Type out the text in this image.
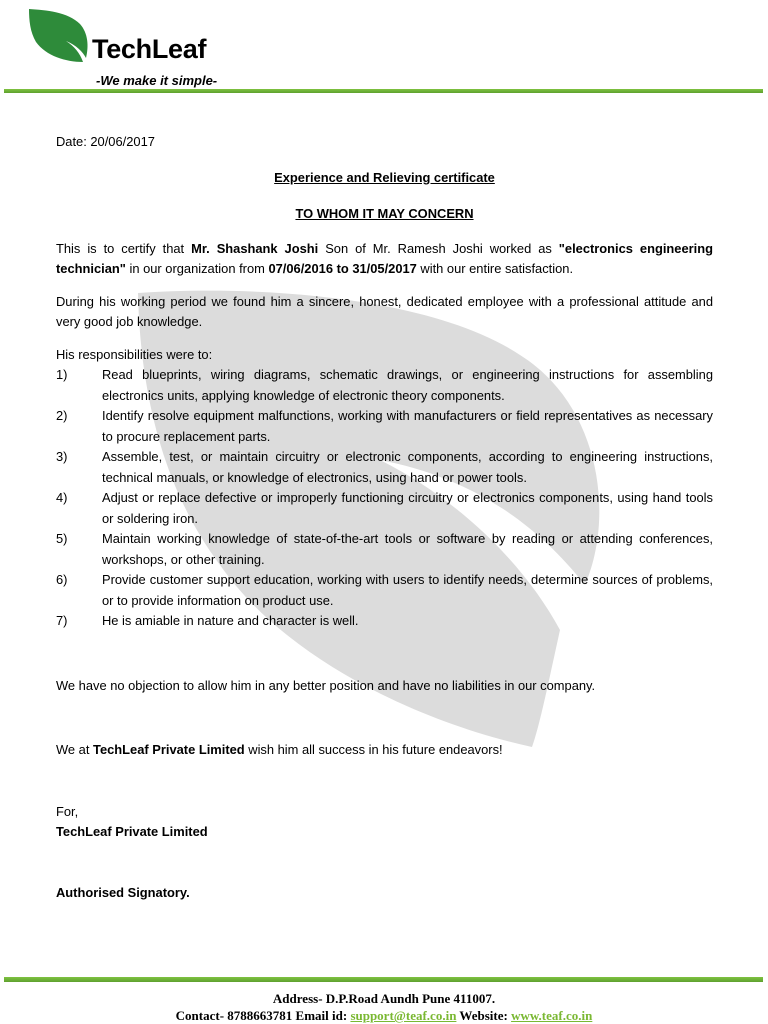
TechLeaf
-We make it simple-

Date: 20/06/2017

Experience and Relieving certificate

TO WHOM IT MAY CONCERN

This is to certify that Mr. Shashank Joshi Son of Mr. Ramesh Joshi worked as "electronics engineering technician" in our organization from 07/06/2016 to 31/05/2017 with our entire satisfaction.

During his working period we found him a sincere, honest, dedicated employee with a professional attitude and very good job knowledge.

His responsibilities were to:

1)	Read blueprints, wiring diagrams, schematic drawings, or engineering instructions for assembling electronics units, applying knowledge of electronic theory components.
2)	Identify resolve equipment malfunctions, working with manufacturers or field representatives as necessary to procure replacement parts.
3)	Assemble, test, or maintain circuitry or electronic components, according to engineering instructions, technical manuals, or knowledge of electronics, using hand or power tools.
4)	Adjust or replace defective or improperly functioning circuitry or electronics components, using hand tools or soldering iron.
5)	Maintain working knowledge of state-of-the-art tools or software by reading or attending conferences, workshops, or other training.
6)	Provide customer support education, working with users to identify needs, determine sources of problems, or to provide information on product use.
7)	He is amiable in nature and character is well.

We have no objection to allow him in any better position and have no liabilities in our company.

We at TechLeaf Private Limited wish him all success in his future endeavors!

For,

TechLeaf Private Limited

Authorised Signatory.

Address- D.P.Road Aundh Pune 411007.
Contact- 8788663781 Email id: support@teaf.co.in Website: www.teaf.co.in
